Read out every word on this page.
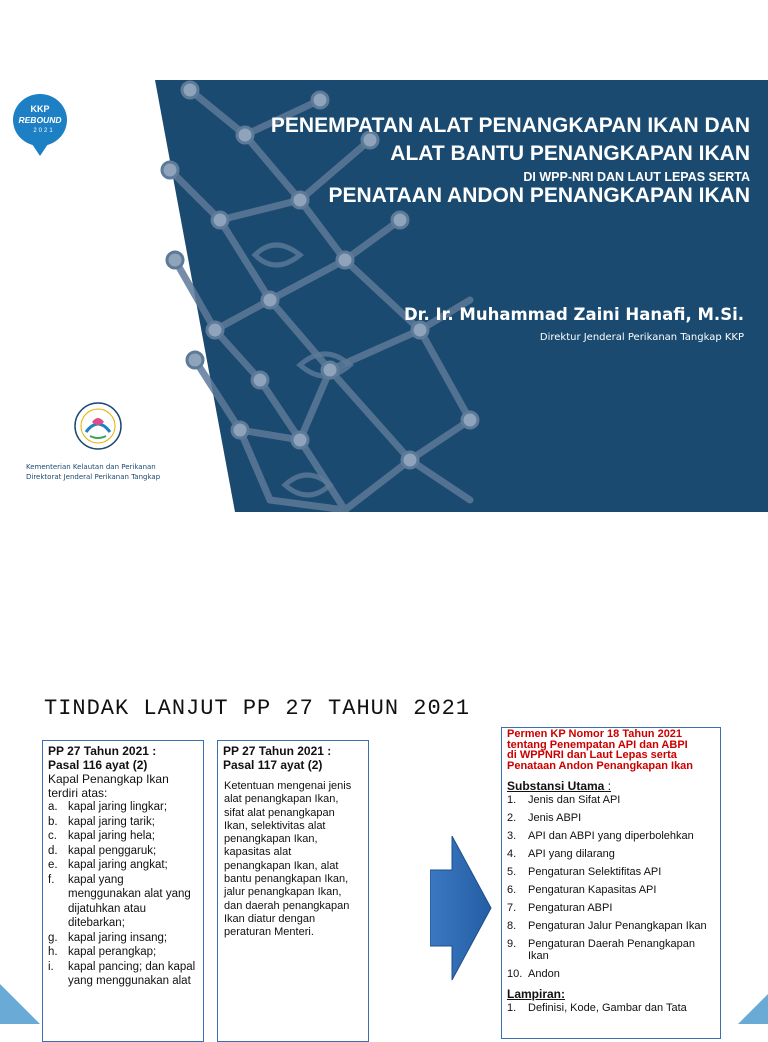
KKP
REBOUND
2021	PENEMPATAN ALAT PENANGKAPAN IKAN DAN
ALAT BANTU PENANGKAPAN IKAN
DI WPP-NRI DAN LAUT LEPAS SERTA
PENATAAN ANDON PENANGKAPAN IKAN
Dr. Ir. Muhammad Zaini Hanafi, M.Si.
Direktur Jenderal Perikanan Tangkap KKP
Kementerian Kelautan dan Perikanan
Direktorat Jenderal Perikanan Tangkap
TINDAK LANJUT PP 27 TAHUN 2021
PP 27 Tahun 2021 :
Pasal 116 ayat (2)
Kapal Penangkap Ikan
terdiri atas:
a. kapal jaring lingkar;
b. kapal jaring tarik;
c. kapal jaring hela;
d. kapal penggaruk;
e. kapal jaring angkat;
f.	kapal yang menggunakan alat yang dijatuhkan atau ditebarkan;
g. kapal jaring insang;
h. kapal perangkap;
i.	kapal pancing; dan kapal yang menggunakan alat
PP 27 Tahun 2021 :
Pasal 117 ayat (2)
Ketentuan mengenai jenis alat penangkapan Ikan, sifat alat penangkapan Ikan, selektivitas alat penangkapan Ikan, kapasitas alat penangkapan Ikan, alat bantu penangkapan Ikan, jalur penangkapan Ikan, dan daerah penangkapan Ikan diatur dengan peraturan Menteri.
Permen KP Nomor 18 Tahun 2021
tentang Penempatan API dan ABPI
di WPPNRI dan Laut Lepas serta
Penataan Andon Penangkapan Ikan
Substansi Utama :
1.	Jenis dan Sifat API
2.	Jenis ABPI
3.	API dan ABPI yang diperbolehkan
4.	API yang dilarang
5.	Pengaturan Selektifitas API
6.	Pengaturan Kapasitas API
7.	Pengaturan ABPI
8.	Pengaturan Jalur Penangkapan Ikan
9.	Pengaturan Daerah Penangkapan Ikan
10. Andon
Lampiran:
1.	Definisi, Kode, Gambar dan Tata
